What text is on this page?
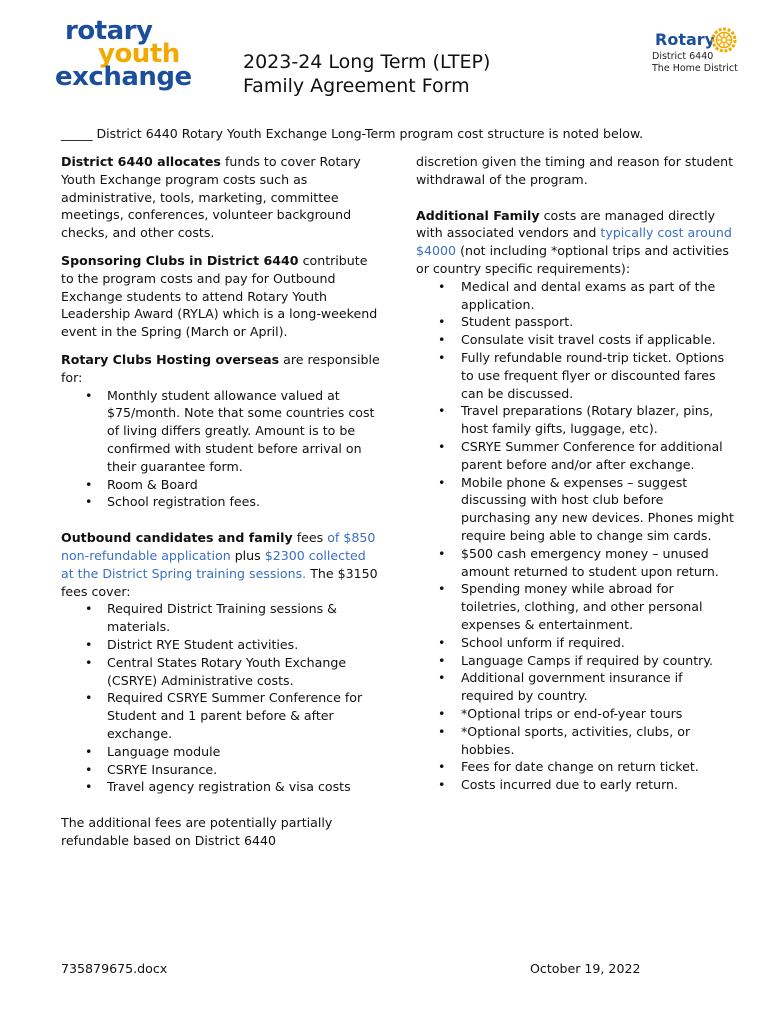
rotary
youth
exchange	2023-24 Long Term (LTEP)
Family Agreement Form
Rotary
District 6440
The Home District
_____ District 6440 Rotary Youth Exchange Long-Term program cost structure is noted below.

District 6440 allocates funds to cover Rotary Youth Exchange program costs such as administrative, tools, marketing, committee meetings, conferences, volunteer background checks, and other costs.

Sponsoring Clubs in District 6440 contribute to the program costs and pay for Outbound Exchange students to attend Rotary Youth Leadership Award (RYLA) which is a long-weekend event in the Spring (March or April).

Rotary Clubs Hosting overseas are responsible for:

• Monthly student allowance valued at $75/month. Note that some countries cost of living differs greatly. Amount is to be confirmed with student before arrival on their guarantee form.
• Room & Board
• School registration fees.

Outbound candidates and family fees of $850 non-refundable application plus $2300 collected at the District Spring training sessions. The $3150 fees cover:

• Required District Training sessions & materials.
• District RYE Student activities.
• Central States Rotary Youth Exchange (CSRYE) Administrative costs.
• Required CSRYE Summer Conference for Student and 1 parent before & after exchange.
• Language module
• CSRYE Insurance.
• Travel agency registration & visa costs

The additional fees are potentially partially refundable based on District 6440

discretion given the timing and reason for student withdrawal of the program.

Additional Family costs are managed directly with associated vendors and typically cost around $4000 (not including *optional trips and activities or country specific requirements):

• Medical and dental exams as part of the application.
• Student passport.
• Consulate visit travel costs if applicable.
• Fully refundable round-trip ticket. Options to use frequent flyer or discounted fares can be discussed.
• Travel preparations (Rotary blazer, pins, host family gifts, luggage, etc).
• CSRYE Summer Conference for additional parent before and/or after exchange.
• Mobile phone & expenses – suggest discussing with host club before purchasing any new devices. Phones might require being able to change sim cards.
• $500 cash emergency money – unused amount returned to student upon return.
• Spending money while abroad for toiletries, clothing, and other personal expenses & entertainment.
• School unform if required.
• Language Camps if required by country.
• Additional government insurance if required by country.
• *Optional trips or end-of-year tours
• *Optional sports, activities, clubs, or hobbies.
• Fees for date change on return ticket.
• Costs incurred due to early return.
735879675.docx	October 19, 2022
